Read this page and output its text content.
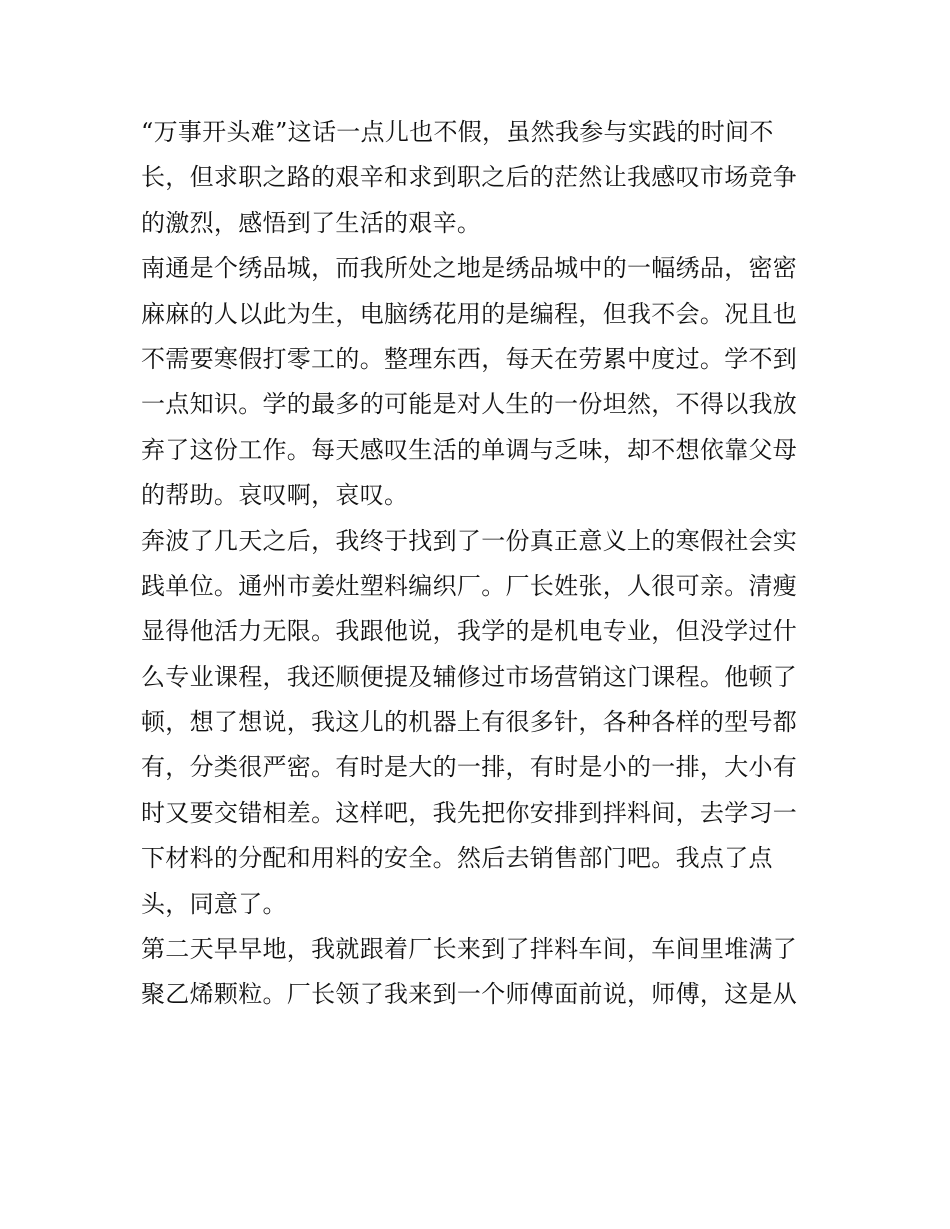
“万事开头难”这话一点儿也不假，虽然我参与实践的时间不
长，但求职之路的艰辛和求到职之后的茫然让我感叹市场竞争
的激烈，感悟到了生活的艰辛。
南通是个绣品城，而我所处之地是绣品城中的一幅绣品，密密
麻麻的人以此为生，电脑绣花用的是编程，但我不会。况且也
不需要寒假打零工的。整理东西，每天在劳累中度过。学不到
一点知识。学的最多的可能是对人生的一份坦然，不得以我放
弃了这份工作。每天感叹生活的单调与乏味，却不想依靠父母
的帮助。哀叹啊，哀叹。
奔波了几天之后，我终于找到了一份真正意义上的寒假社会实
践单位。通州市姜灶塑料编织厂。厂长姓张，人很可亲。清瘦
显得他活力无限。我跟他说，我学的是机电专业，但没学过什
么专业课程，我还顺便提及辅修过市场营销这门课程。他顿了
顿，想了想说，我这儿的机器上有很多针，各种各样的型号都
有，分类很严密。有时是大的一排，有时是小的一排，大小有
时又要交错相差。这样吧，我先把你安排到拌料间，去学习一
下材料的分配和用料的安全。然后去销售部门吧。我点了点
头，同意了。
第二天早早地，我就跟着厂长来到了拌料车间，车间里堆满了
聚乙烯颗粒。厂长领了我来到一个师傅面前说，师傅，这是从
